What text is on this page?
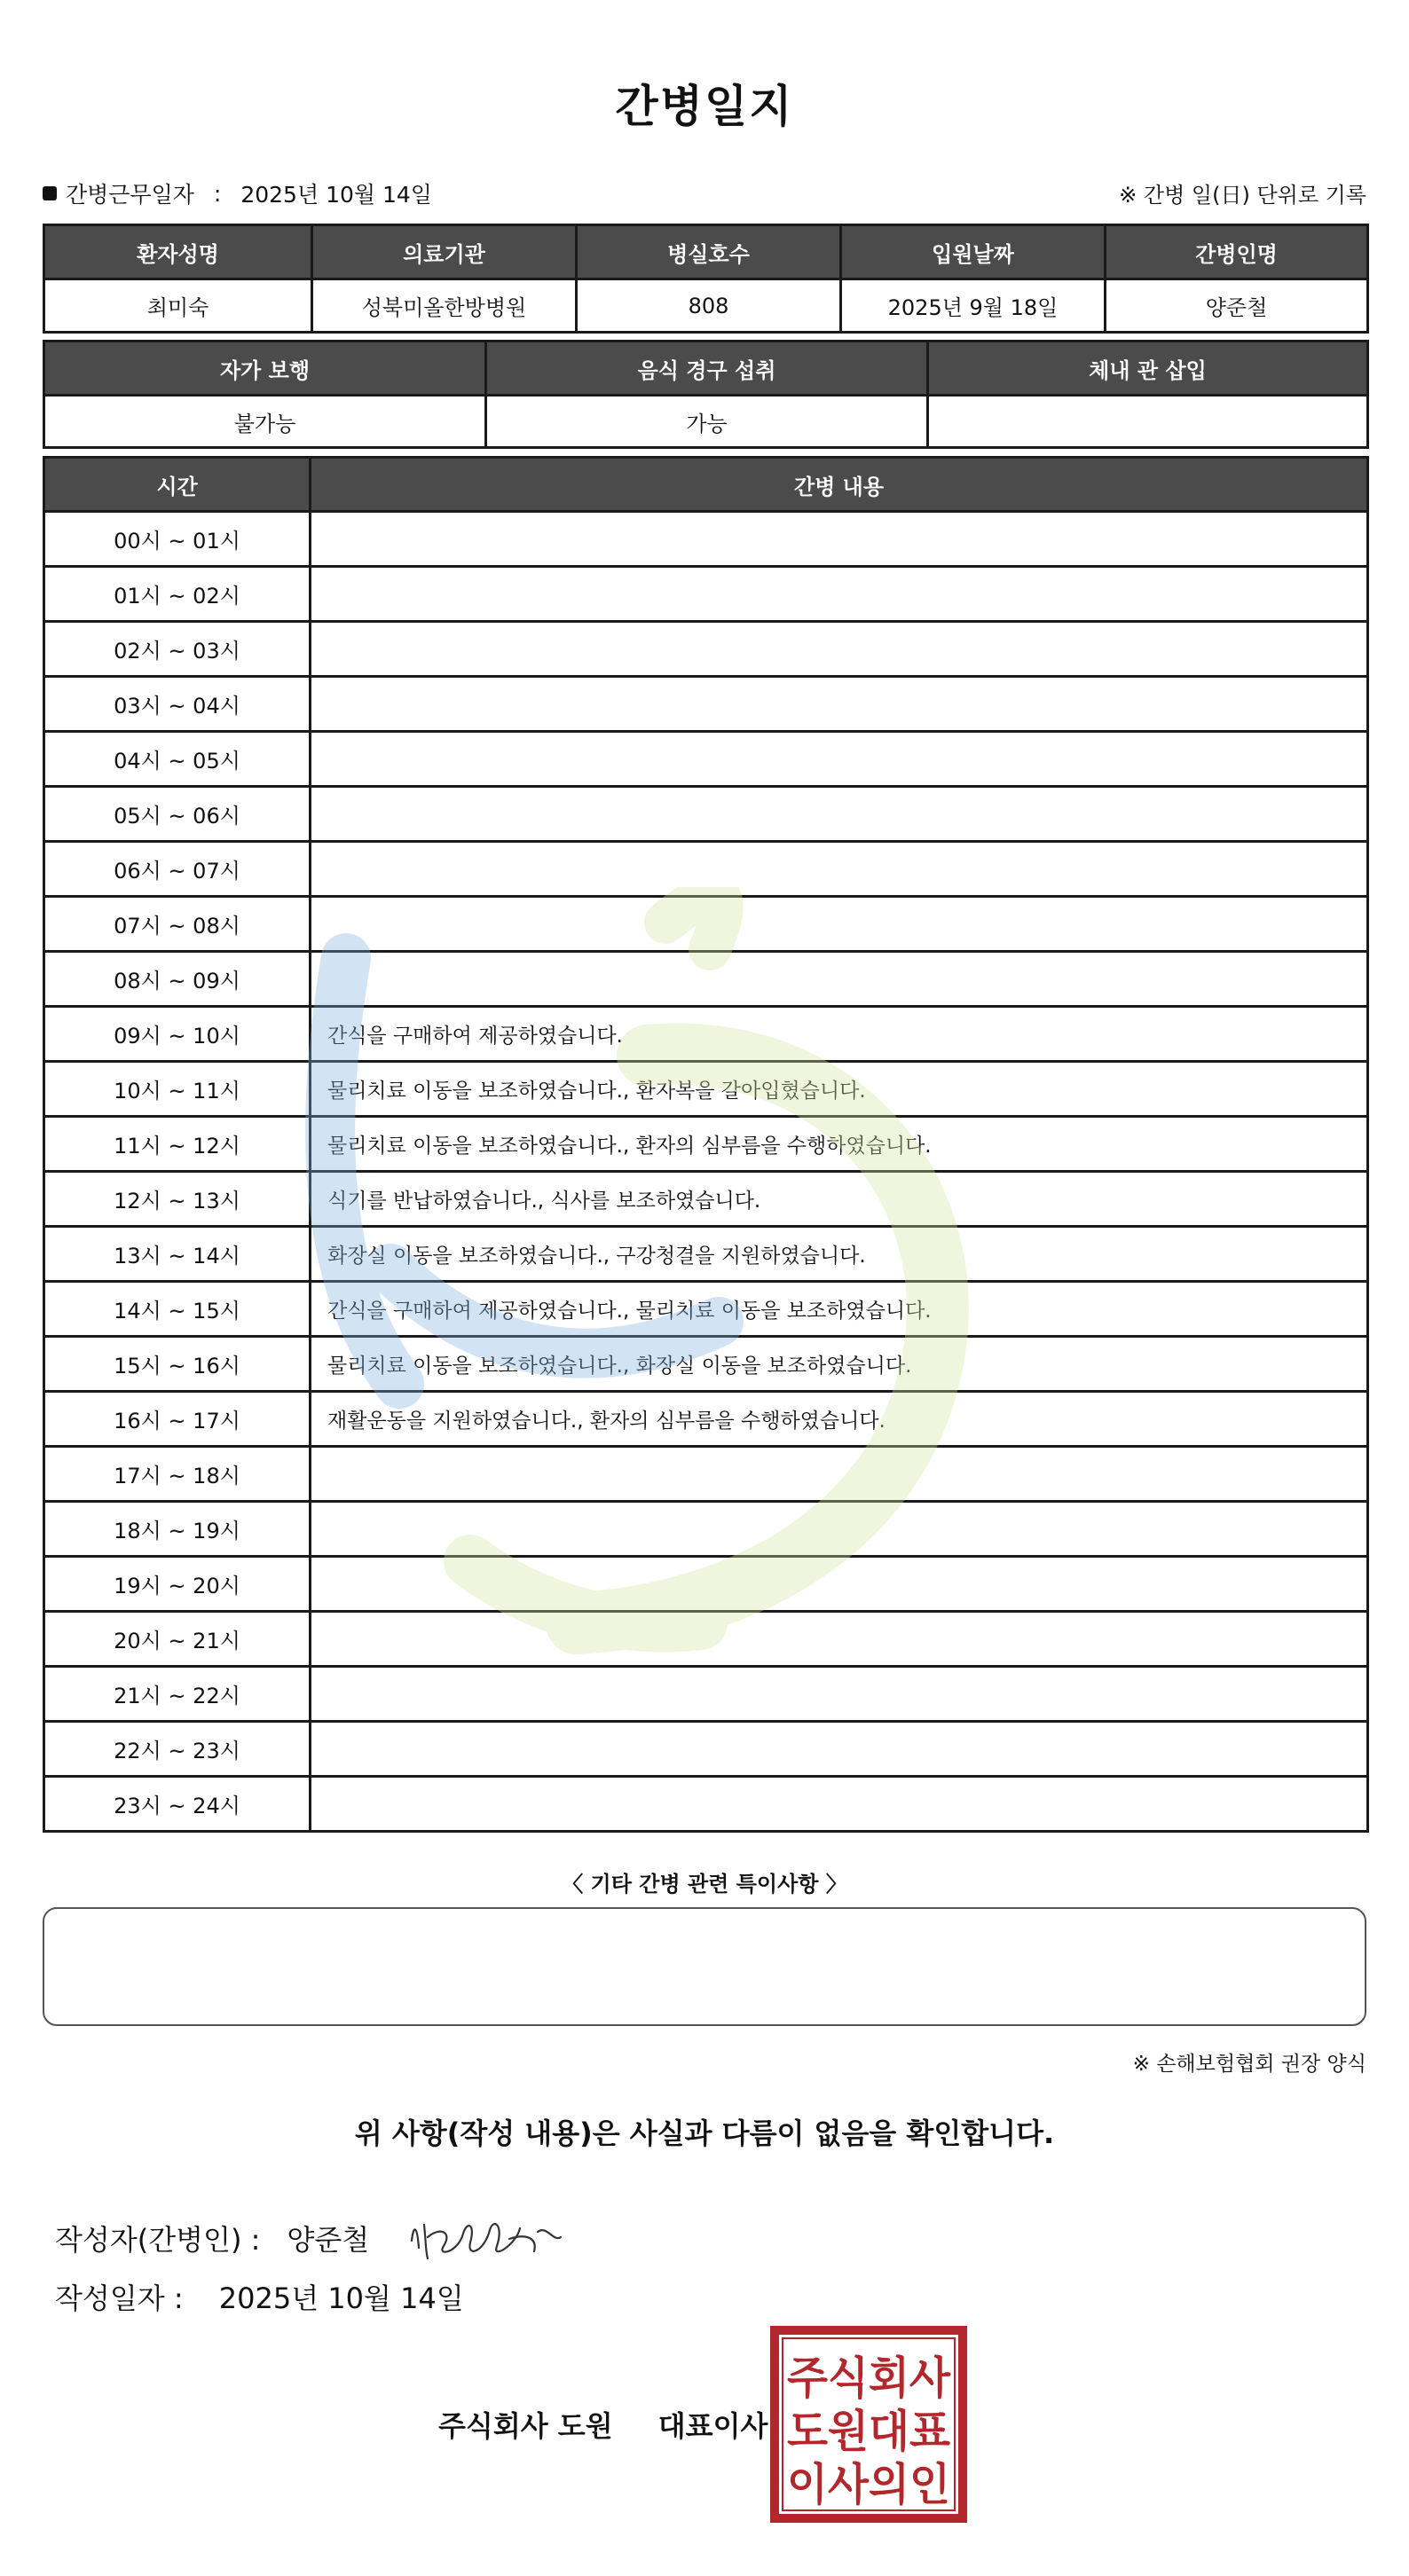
간병일지
간병근무일자 : 2025년 10월 14일	※ 간병 일(日) 단위로 기록
환자성명	의료기관	병실호수	입원날짜	간병인명
최미숙	성북미올한방병원	808	2025년 9월 18일	양준철
자가 보행	음식 경구 섭취	체내 관 삽입
불가능	가능	
시간	간병 내용
00시 ~ 01시	
01시 ~ 02시	
02시 ~ 03시	
03시 ~ 04시	
04시 ~ 05시	
05시 ~ 06시	
06시 ~ 07시	
07시 ~ 08시	
08시 ~ 09시	
09시 ~ 10시	간식을 구매하여 제공하였습니다.
10시 ~ 11시	물리치료 이동을 보조하였습니다., 환자복을 갈아입혔습니다.
11시 ~ 12시	물리치료 이동을 보조하였습니다., 환자의 심부름을 수행하였습니다.
12시 ~ 13시	식기를 반납하였습니다., 식사를 보조하였습니다.
13시 ~ 14시	화장실 이동을 보조하였습니다., 구강청결을 지원하였습니다.
14시 ~ 15시	간식을 구매하여 제공하였습니다., 물리치료 이동을 보조하였습니다.
15시 ~ 16시	물리치료 이동을 보조하였습니다., 화장실 이동을 보조하였습니다.
16시 ~ 17시	재활운동을 지원하였습니다., 환자의 심부름을 수행하였습니다.
17시 ~ 18시	
18시 ~ 19시	
19시 ~ 20시	
20시 ~ 21시	
21시 ~ 22시	
22시 ~ 23시	
23시 ~ 24시	
〈 기타 간병 관련 특이사항 〉
※ 손해보험협회 권장 양식
위 사항(작성 내용)은 사실과 다름이 없음을 확인합니다.
작성자(간병인) : 양준철
작성일자 : 2025년 10월 14일
주식회사 도원 대표이사
주식회사
도원대표
이사의인
